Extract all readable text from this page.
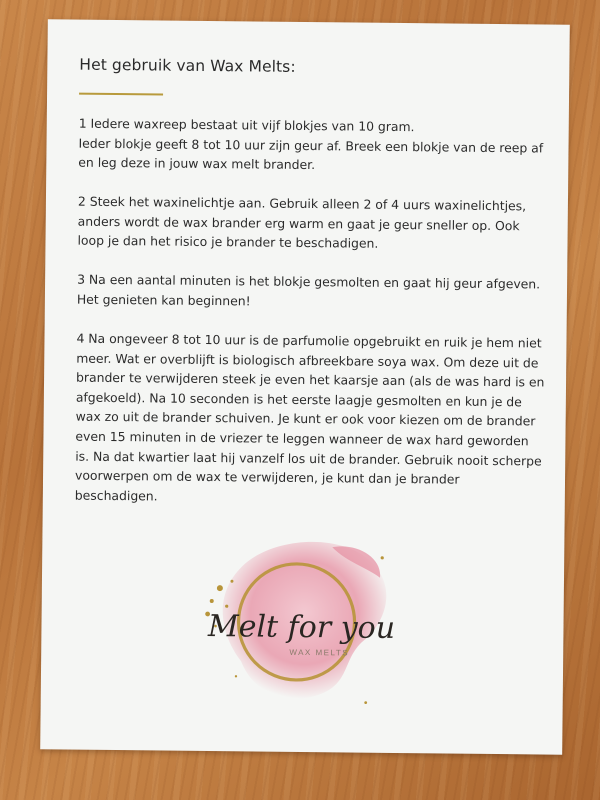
Het gebruik van Wax Melts:

1 Iedere waxreep bestaat uit vijf blokjes van 10 gram.
Ieder blokje geeft 8 tot 10 uur zijn geur af. Breek een blokje van de reep af en leg deze in jouw wax melt brander.

2 Steek het waxinelichtje aan. Gebruik alleen 2 of 4 uurs waxinelichtjes, anders wordt de wax brander erg warm en gaat je geur sneller op. Ook loop je dan het risico je brander te beschadigen.

3 Na een aantal minuten is het blokje gesmolten en gaat hij geur afgeven. Het genieten kan beginnen!

4 Na ongeveer 8 tot 10 uur is de parfumolie opgebruikt en ruik je hem niet meer. Wat er overblijft is biologisch afbreekbare soya wax. Om deze uit de brander te verwijderen steek je even het kaarsje aan (als de was hard is en afgekoeld). Na 10 seconden is het eerste laagje gesmolten en kun je de wax zo uit de brander schuiven. Je kunt er ook voor kiezen om de brander even 15 minuten in de vriezer te leggen wanneer de wax hard geworden is. Na dat kwartier laat hij vanzelf los uit de brander. Gebruik nooit scherpe voorwerpen om de wax te verwijderen, je kunt dan je brander beschadigen.

Melt for you
WAX MELTS
